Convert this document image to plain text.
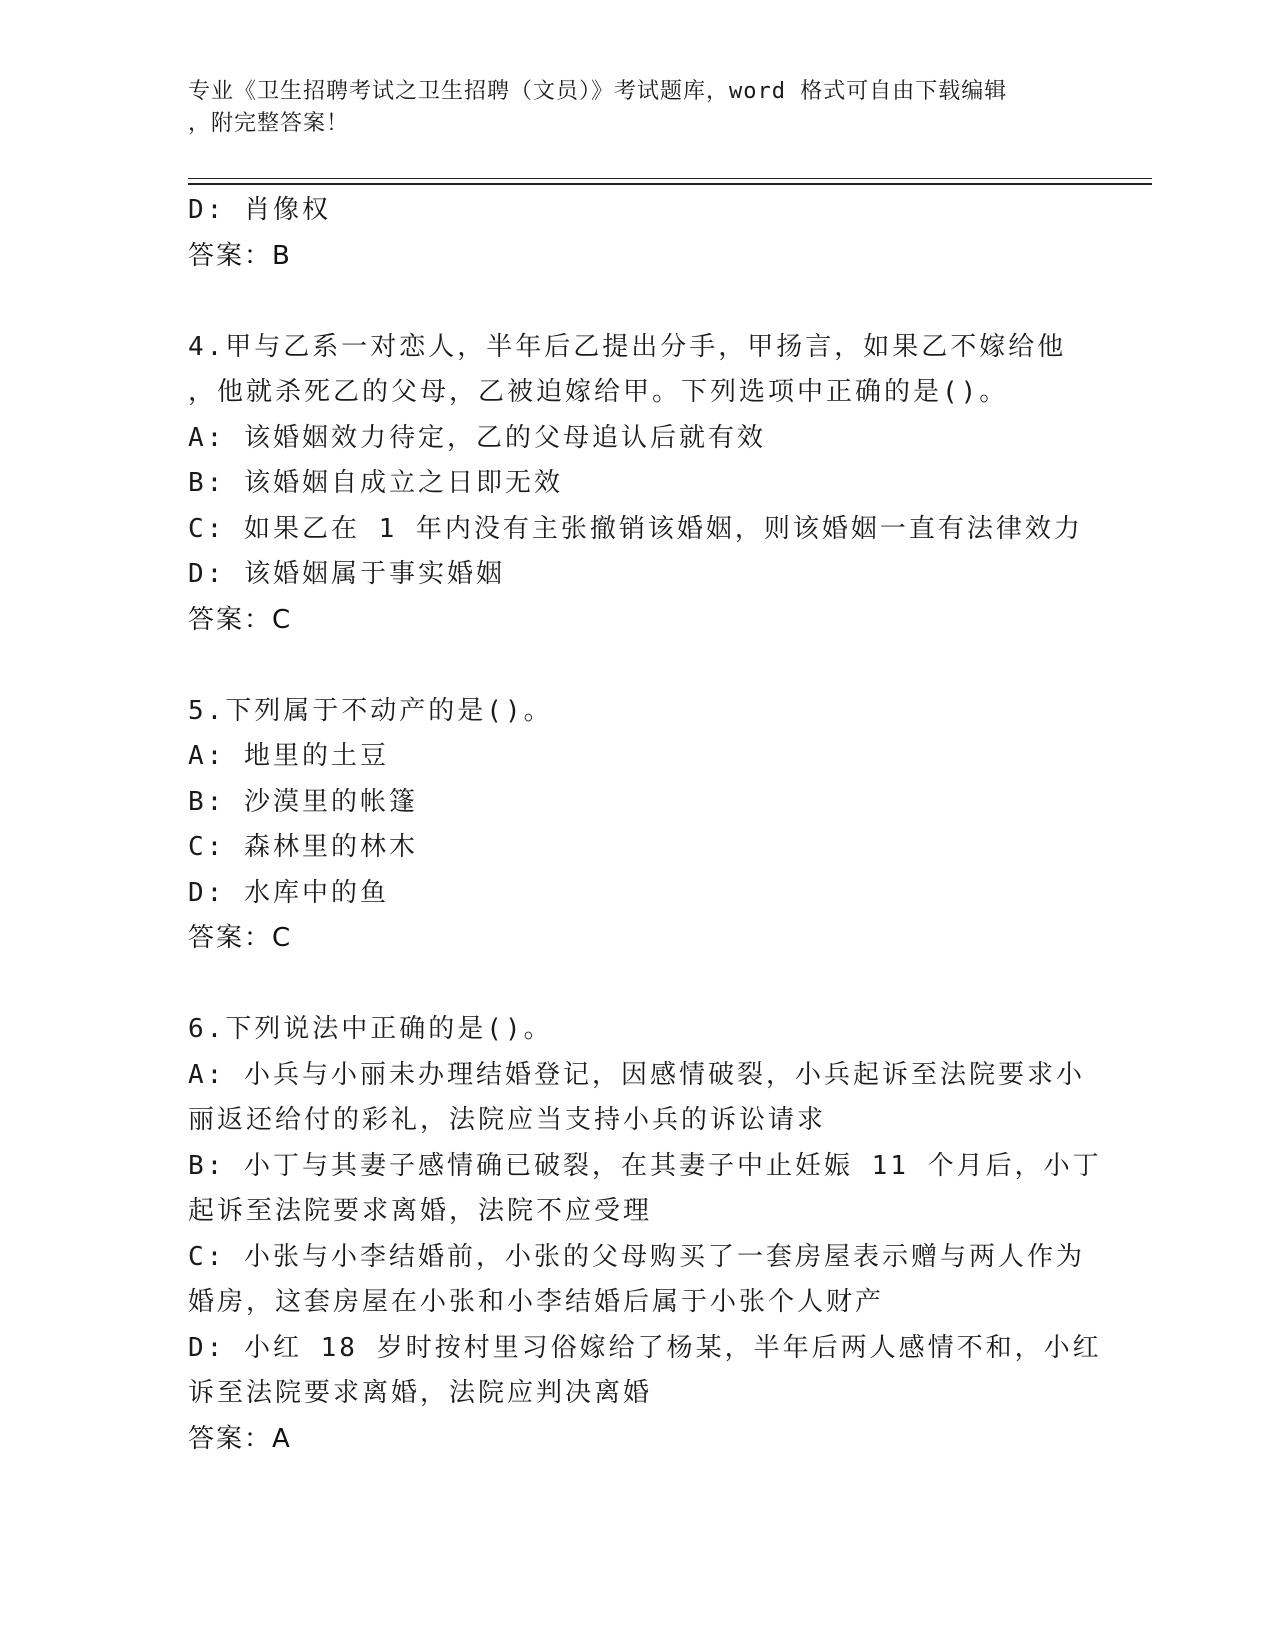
专业《卫生招聘考试之卫生招聘（文员）》考试题库，word 格式可自由下载编辑
，附完整答案！
D: 肖像权
答案：B
4.甲与乙系一对恋人，半年后乙提出分手，甲扬言，如果乙不嫁给他
，他就杀死乙的父母，乙被迫嫁给甲。下列选项中正确的是()。
A: 该婚姻效力待定，乙的父母追认后就有效
B: 该婚姻自成立之日即无效
C: 如果乙在 1 年内没有主张撤销该婚姻，则该婚姻一直有法律效力
D: 该婚姻属于事实婚姻
答案：C
5.下列属于不动产的是()。
A: 地里的土豆
B: 沙漠里的帐篷
C: 森林里的林木
D: 水库中的鱼
答案：C
6.下列说法中正确的是()。
A: 小兵与小丽未办理结婚登记，因感情破裂，小兵起诉至法院要求小
丽返还给付的彩礼，法院应当支持小兵的诉讼请求
B: 小丁与其妻子感情确已破裂，在其妻子中止妊娠 11 个月后，小丁
起诉至法院要求离婚，法院不应受理
C: 小张与小李结婚前，小张的父母购买了一套房屋表示赠与两人作为
婚房，这套房屋在小张和小李结婚后属于小张个人财产
D: 小红 18 岁时按村里习俗嫁给了杨某，半年后两人感情不和，小红
诉至法院要求离婚，法院应判决离婚
答案：A
